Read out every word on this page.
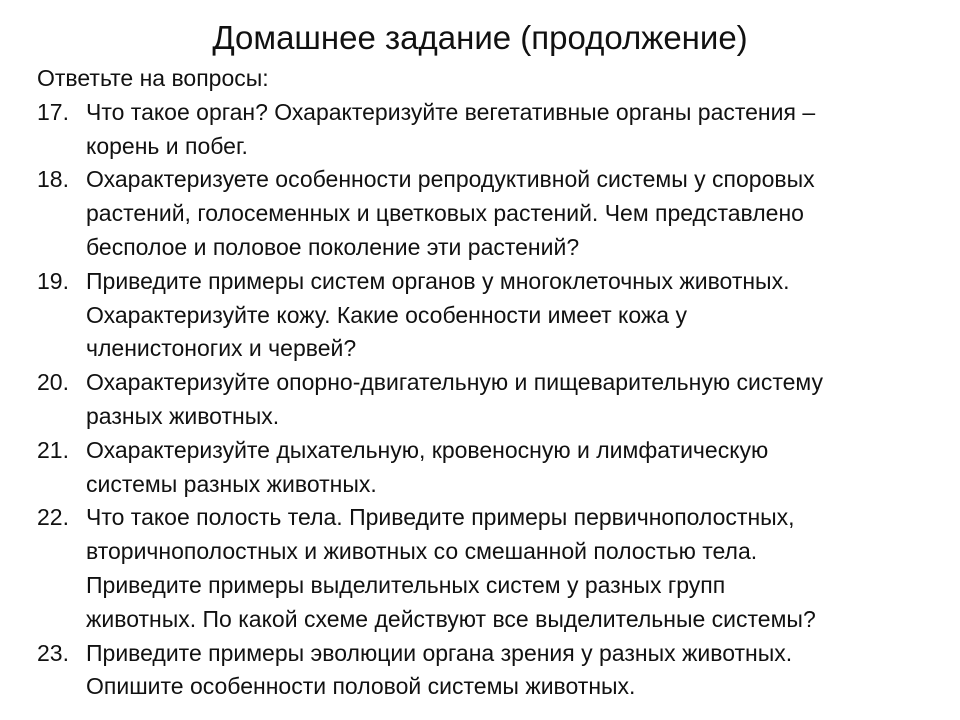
Домашнее задание (продолжение)

Ответьте на вопросы:

17. Что такое орган? Охарактеризуйте вегетативные органы растения –
корень и побег.
18. Охарактеризуете особенности репродуктивной системы у споровых
растений, голосеменных и цветковых растений. Чем представлено
бесполое и половое поколение эти растений?
19. Приведите примеры систем органов у многоклеточных животных.
Охарактеризуйте кожу. Какие особенности имеет кожа у
членистоногих и червей?
20. Охарактеризуйте опорно-двигательную и пищеварительную систему
разных животных.
21. Охарактеризуйте дыхательную, кровеносную и лимфатическую
системы разных животных.
22. Что такое полость тела. Приведите примеры первичнополостных,
вторичнополостных и животных со смешанной полостью тела.
Приведите примеры выделительных систем у разных групп
животных. По какой схеме действуют все выделительные системы?
23. Приведите примеры эволюции органа зрения у разных животных.
Опишите особенности половой системы животных.
